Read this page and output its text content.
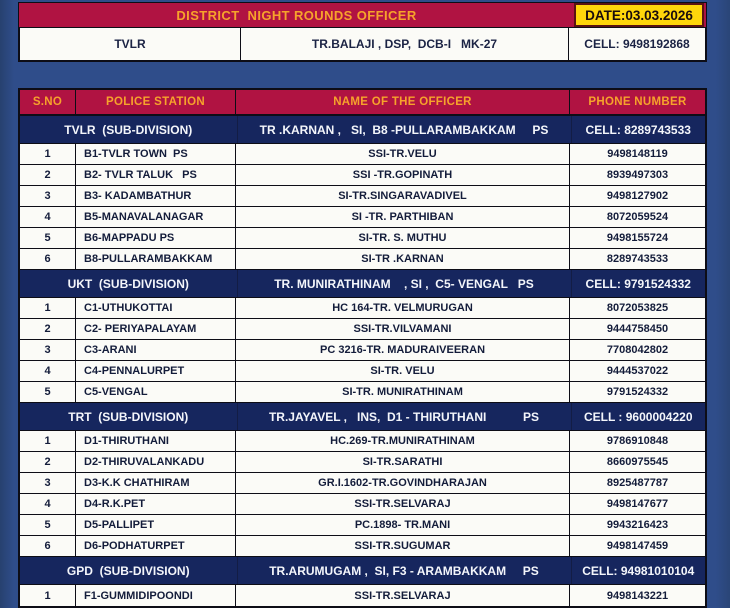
DISTRICT  NIGHT ROUNDS OFFICER	DATE:03.03.2026
TVLR	TR.BALAJI , DSP,  DCB-I   MK-27	CELL: 9498192868
S.NO	POLICE STATION	NAME OF THE OFFICER	PHONE NUMBER
TVLR  (SUB-DIVISION)	TR .KARNAN ,   SI,  B8 -PULLARAMBAKKAM     PS	CELL: 8289743533
1	B1-TVLR TOWN  PS	SSI-TR.VELU	9498148119
2	B2- TVLR TALUK   PS	SSI -TR.GOPINATH	8939497303
3	B3- KADAMBATHUR	SI-TR.SINGARAVADIVEL	9498127902
4	B5-MANAVALANAGAR	SI -TR. PARTHIBAN	8072059524
5	B6-MAPPADU PS	SI-TR. S. MUTHU	9498155724
6	B8-PULLARAMBAKKAM	SI-TR .KARNAN	8289743533
UKT  (SUB-DIVISION)	TR. MUNIRATHINAM    , SI ,  C5- VENGAL   PS	CELL: 9791524332
1	C1-UTHUKOTTAI	HC 164-TR. VELMURUGAN	8072053825
2	C2- PERIYAPALAYAM	SSI-TR.VILVAMANI	9444758450
3	C3-ARANI	PC 3216-TR. MADURAIVEERAN	7708042802
4	C4-PENNALURPET	SI-TR. VELU	9444537022
5	C5-VENGAL	SI-TR. MUNIRATHINAM	9791524332
TRT  (SUB-DIVISION)	TR.JAYAVEL ,   INS,  D1 - THIRUTHANI           PS	CELL : 9600004220
1	D1-THIRUTHANI	HC.269-TR.MUNIRATHINAM	9786910848
2	D2-THIRUVALANKADU	SI-TR.SARATHI	8660975545
3	D3-K.K CHATHIRAM	GR.I.1602-TR.GOVINDHARAJAN	8925487787
4	D4-R.K.PET	SSI-TR.SELVARAJ	9498147677
5	D5-PALLIPET	PC.1898- TR.MANI	9943216423
6	D6-PODHATURPET	SSI-TR.SUGUMAR	9498147459
GPD  (SUB-DIVISION)	TR.ARUMUGAM ,  SI, F3 - ARAMBAKKAM     PS	CELL: 94981010104
1	F1-GUMMIDIPOONDI	SSI-TR.SELVARAJ	9498143221
